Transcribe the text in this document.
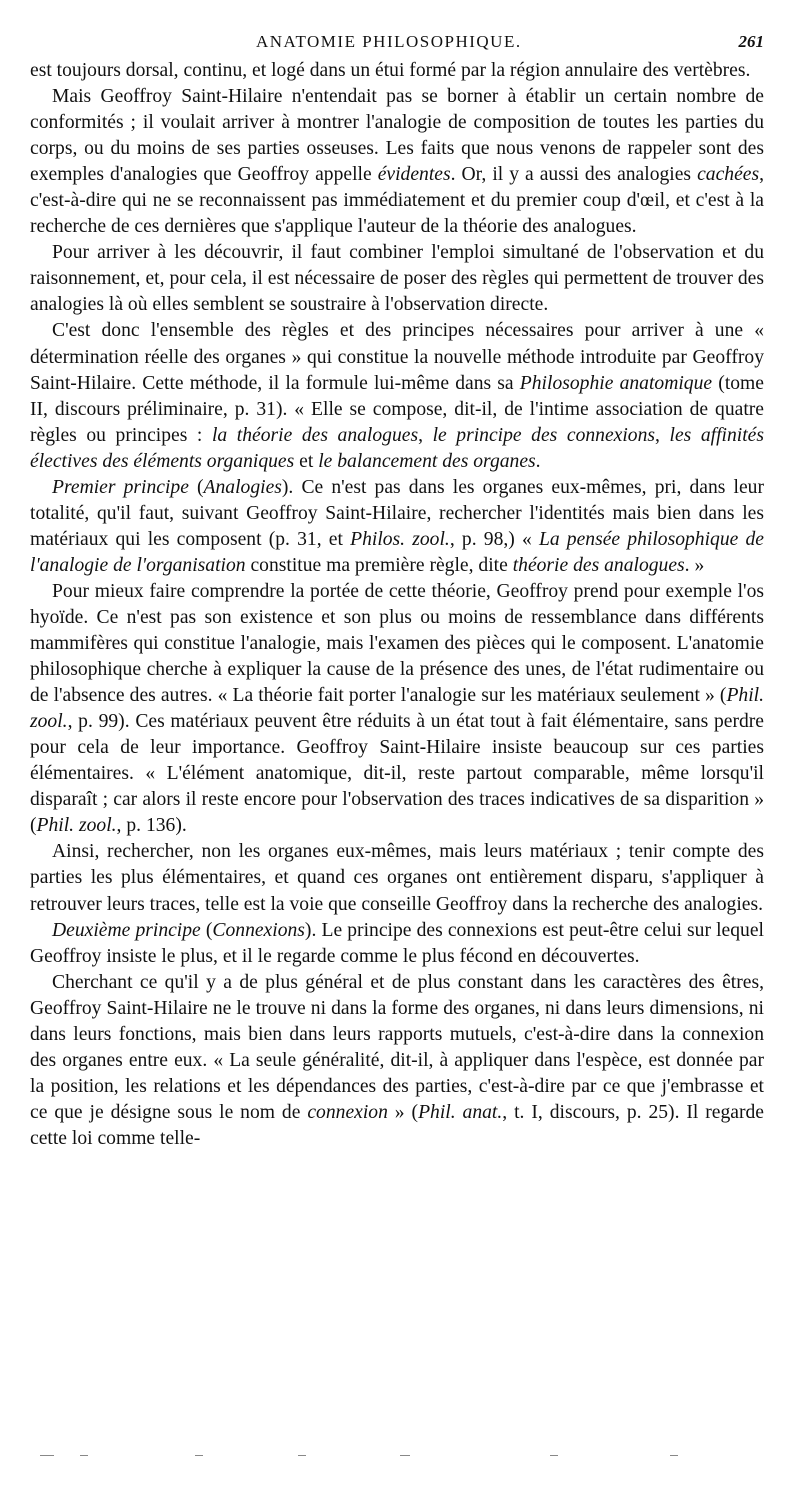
ANATOMIE PHILOSOPHIQUE.	261

est toujours dorsal, continu, et logé dans un étui formé par la région annulaire des vertèbres.

Mais Geoffroy Saint-Hilaire n'entendait pas se borner à établir un certain nombre de conformités ; il voulait arriver à montrer l'analogie de composition de toutes les parties du corps, ou du moins de ses parties osseuses. Les faits que nous venons de rappeler sont des exemples d'analogies que Geoffroy appelle évidentes. Or, il y a aussi des analogies cachées, c'est-à-dire qui ne se reconnaissent pas immédiatement et du premier coup d'œil, et c'est à la recherche de ces dernières que s'applique l'auteur de la théorie des analogues.

Pour arriver à les découvrir, il faut combiner l'emploi simultané de l'observation et du raisonnement, et, pour cela, il est nécessaire de poser des règles qui permettent de trouver des analogies là où elles semblent se soustraire à l'observation directe.

C'est donc l'ensemble des règles et des principes nécessaires pour arriver à une « détermination réelle des organes » qui constitue la nouvelle méthode introduite par Geoffroy Saint-Hilaire. Cette méthode, il la formule lui-même dans sa Philosophie anatomique (tome II, discours préliminaire, p. 31). « Elle se compose, dit-il, de l'intime association de quatre règles ou principes : la théorie des analogues, le principe des connexions, les affinités électives des éléments organiques et le balancement des organes.

Premier principe (Analogies). Ce n'est pas dans les organes eux-mêmes, pri, dans leur totalité, qu'il faut, suivant Geoffroy Saint-Hilaire, rechercher l'identités mais bien dans les matériaux qui les composent (p. 31, et Philos. zool., p. 98,) « La pensée philosophique de l'analogie de l'organisation constitue ma première règle, dite théorie des analogues. »

Pour mieux faire comprendre la portée de cette théorie, Geoffroy prend pour exemple l'os hyoïde. Ce n'est pas son existence et son plus ou moins de ressemblance dans différents mammifères qui constitue l'analogie, mais l'examen des pièces qui le composent. L'anatomie philosophique cherche à expliquer la cause de la présence des unes, de l'état rudimentaire ou de l'absence des autres. « La théorie fait porter l'analogie sur les matériaux seulement » (Phil. zool., p. 99). Ces matériaux peuvent être réduits à un état tout à fait élémentaire, sans perdre pour cela de leur importance. Geoffroy Saint-Hilaire insiste beaucoup sur ces parties élémentaires. « L'élément anatomique, dit-il, reste partout comparable, même lorsqu'il disparaît ; car alors il reste encore pour l'observation des traces indicatives de sa disparition » (Phil. zool., p. 136).

Ainsi, rechercher, non les organes eux-mêmes, mais leurs matériaux ; tenir compte des parties les plus élémentaires, et quand ces organes ont entièrement disparu, s'appliquer à retrouver leurs traces, telle est la voie que conseille Geoffroy dans la recherche des analogies.

Deuxième principe (Connexions). Le principe des connexions est peut-être celui sur lequel Geoffroy insiste le plus, et il le regarde comme le plus fécond en découvertes.

Cherchant ce qu'il y a de plus général et de plus constant dans les caractères des êtres, Geoffroy Saint-Hilaire ne le trouve ni dans la forme des organes, ni dans leurs dimensions, ni dans leurs fonctions, mais bien dans leurs rapports mutuels, c'est-à-dire dans la connexion des organes entre eux. « La seule généralité, dit-il, à appliquer dans l'espèce, est donnée par la position, les relations et les dépendances des parties, c'est-à-dire par ce que j'embrasse et ce que je désigne sous le nom de connexion » (Phil. anat., t. I, discours, p. 25). Il regarde cette loi comme telle-
